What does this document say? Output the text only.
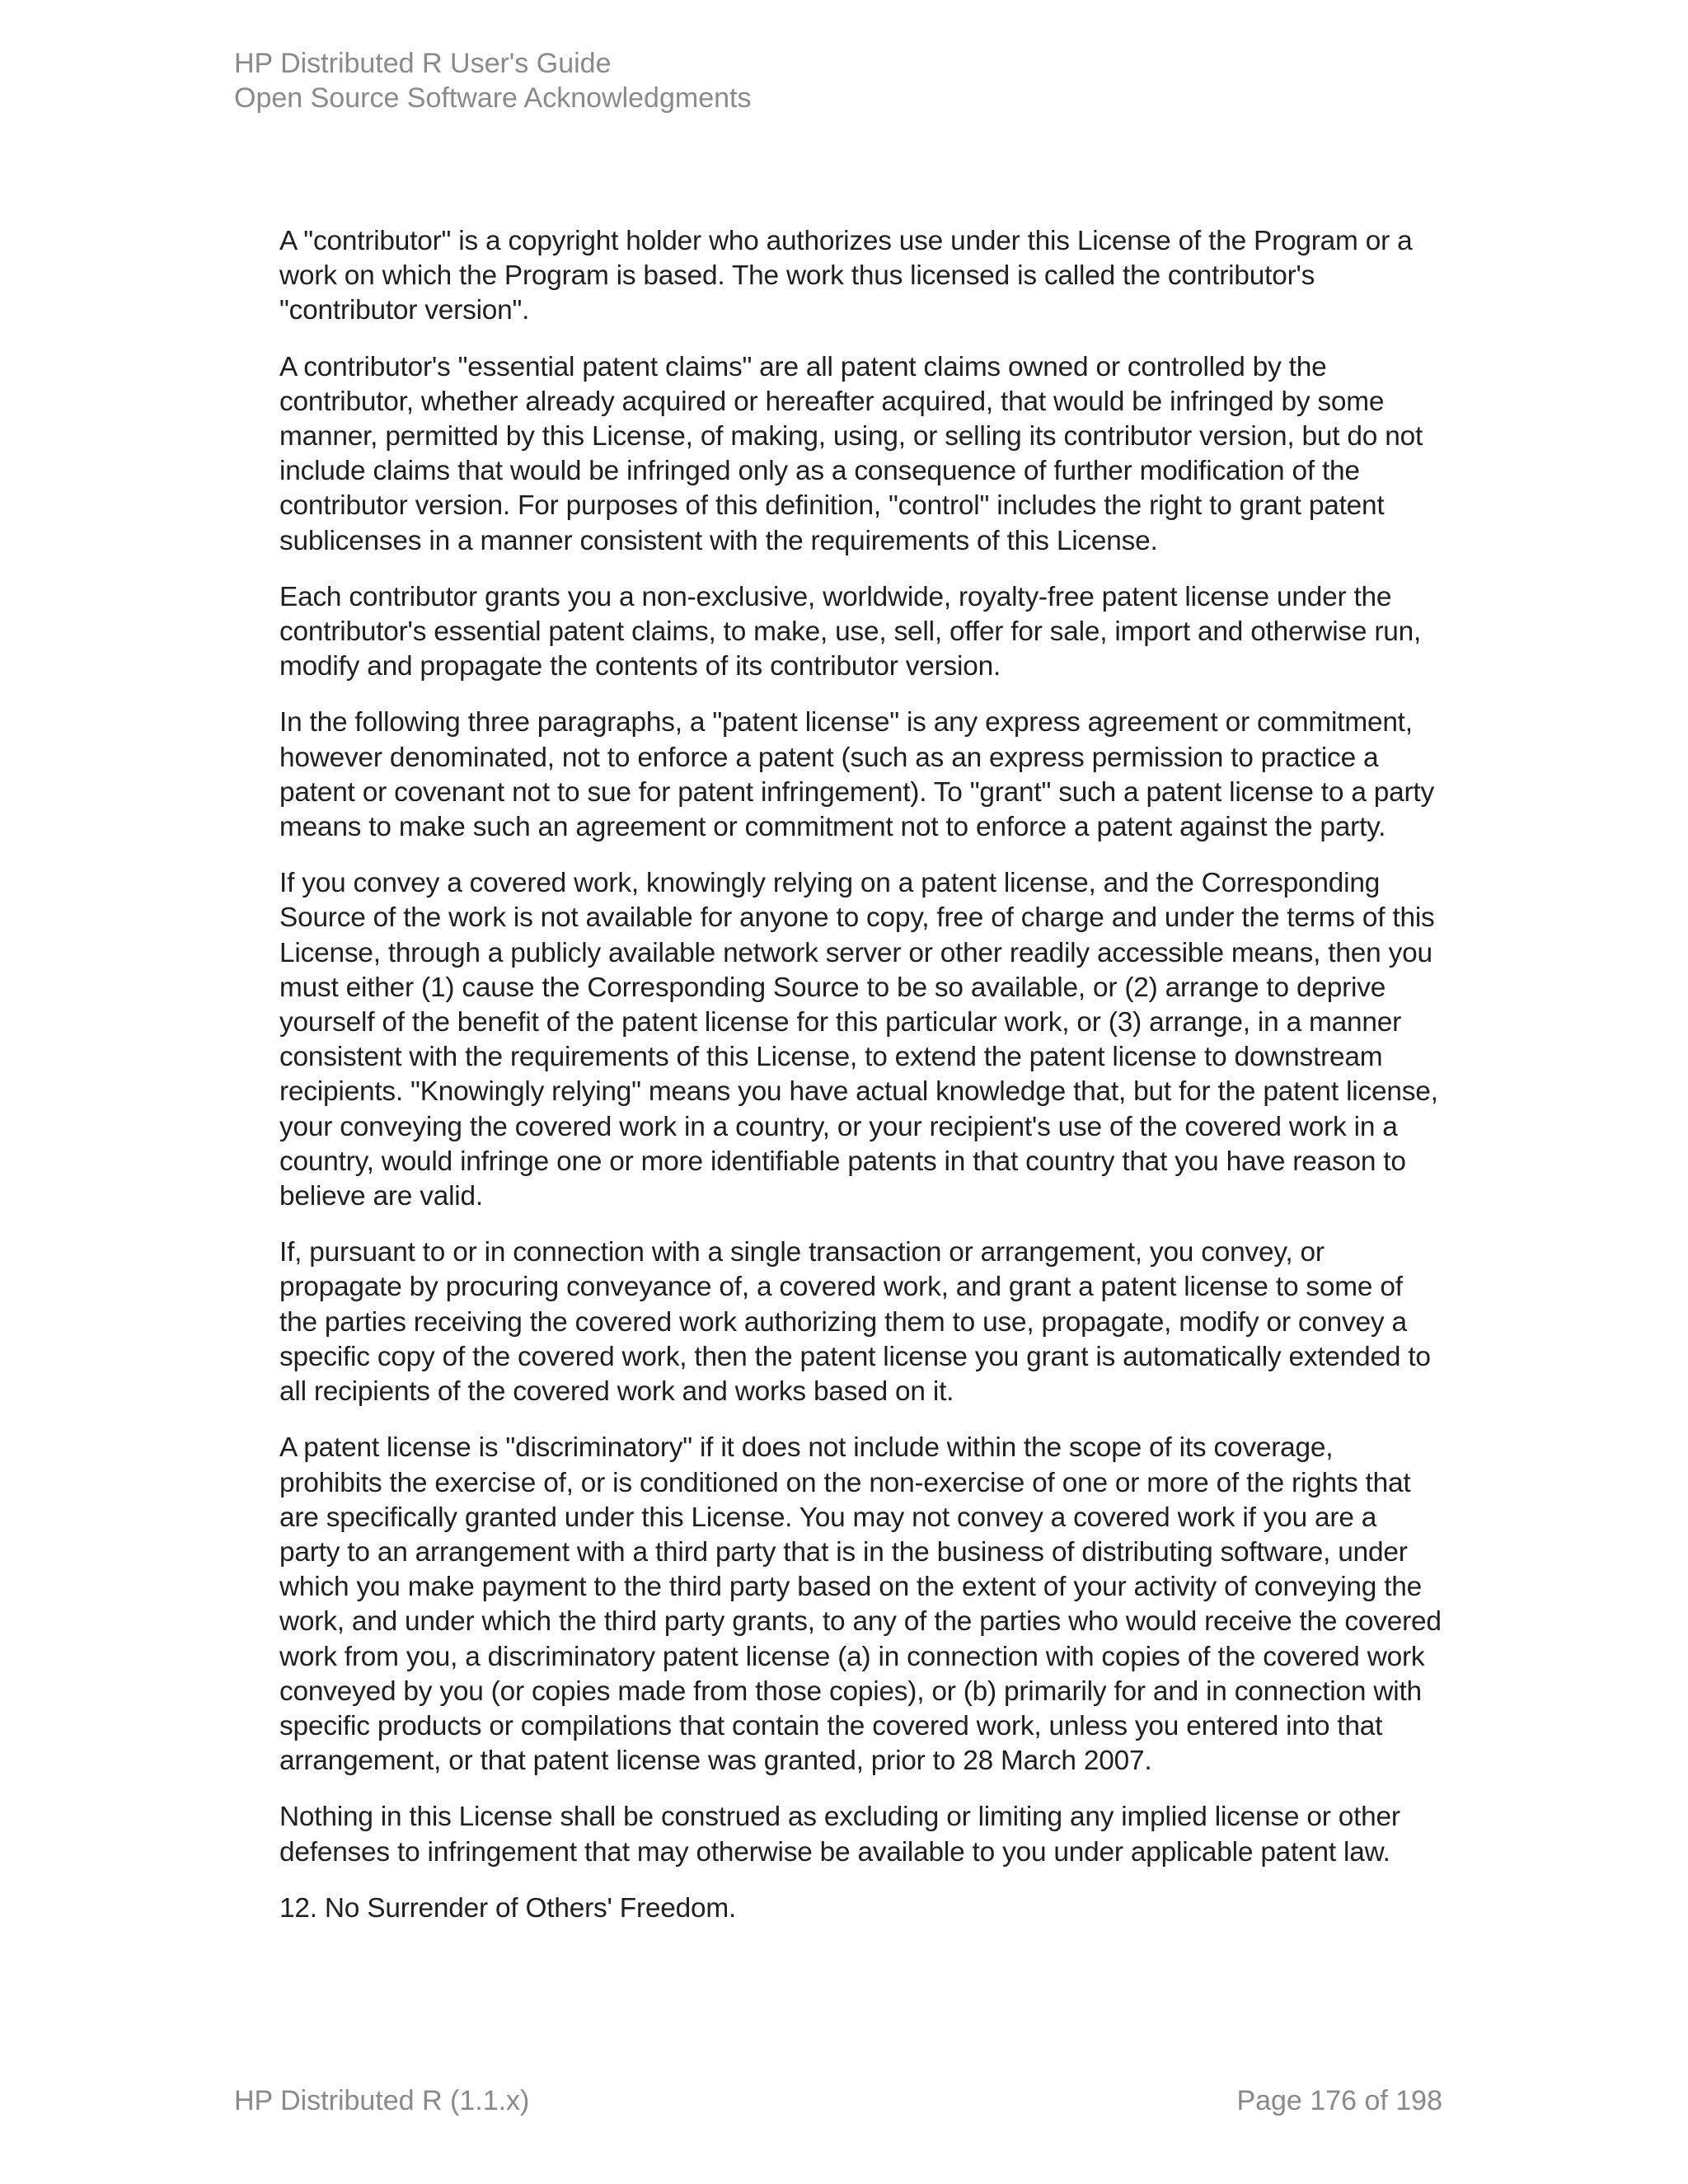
HP Distributed R User's Guide
Open Source Software Acknowledgments

A "contributor" is a copyright holder who authorizes use under this License of the Program or a work on which the Program is based. The work thus licensed is called the contributor's "contributor version".

A contributor's "essential patent claims" are all patent claims owned or controlled by the contributor, whether already acquired or hereafter acquired, that would be infringed by some manner, permitted by this License, of making, using, or selling its contributor version, but do not include claims that would be infringed only as a consequence of further modification of the contributor version. For purposes of this definition, "control" includes the right to grant patent sublicenses in a manner consistent with the requirements of this License.

Each contributor grants you a non-exclusive, worldwide, royalty-free patent license under the contributor's essential patent claims, to make, use, sell, offer for sale, import and otherwise run, modify and propagate the contents of its contributor version.

In the following three paragraphs, a "patent license" is any express agreement or commitment, however denominated, not to enforce a patent (such as an express permission to practice a patent or covenant not to sue for patent infringement). To "grant" such a patent license to a party means to make such an agreement or commitment not to enforce a patent against the party.

If you convey a covered work, knowingly relying on a patent license, and the Corresponding Source of the work is not available for anyone to copy, free of charge and under the terms of this License, through a publicly available network server or other readily accessible means, then you must either (1) cause the Corresponding Source to be so available, or (2) arrange to deprive yourself of the benefit of the patent license for this particular work, or (3) arrange, in a manner consistent with the requirements of this License, to extend the patent license to downstream recipients. "Knowingly relying" means you have actual knowledge that, but for the patent license, your conveying the covered work in a country, or your recipient's use of the covered work in a country, would infringe one or more identifiable patents in that country that you have reason to believe are valid.

If, pursuant to or in connection with a single transaction or arrangement, you convey, or propagate by procuring conveyance of, a covered work, and grant a patent license to some of the parties receiving the covered work authorizing them to use, propagate, modify or convey a specific copy of the covered work, then the patent license you grant is automatically extended to all recipients of the covered work and works based on it.

A patent license is "discriminatory" if it does not include within the scope of its coverage, prohibits the exercise of, or is conditioned on the non-exercise of one or more of the rights that are specifically granted under this License. You may not convey a covered work if you are a party to an arrangement with a third party that is in the business of distributing software, under which you make payment to the third party based on the extent of your activity of conveying the work, and under which the third party grants, to any of the parties who would receive the covered work from you, a discriminatory patent license (a) in connection with copies of the covered work conveyed by you (or copies made from those copies), or (b) primarily for and in connection with specific products or compilations that contain the covered work, unless you entered into that arrangement, or that patent license was granted, prior to 28 March 2007.

Nothing in this License shall be construed as excluding or limiting any implied license or other defenses to infringement that may otherwise be available to you under applicable patent law.

12. No Surrender of Others' Freedom.

HP Distributed R (1.1.x)	Page 176 of 198
